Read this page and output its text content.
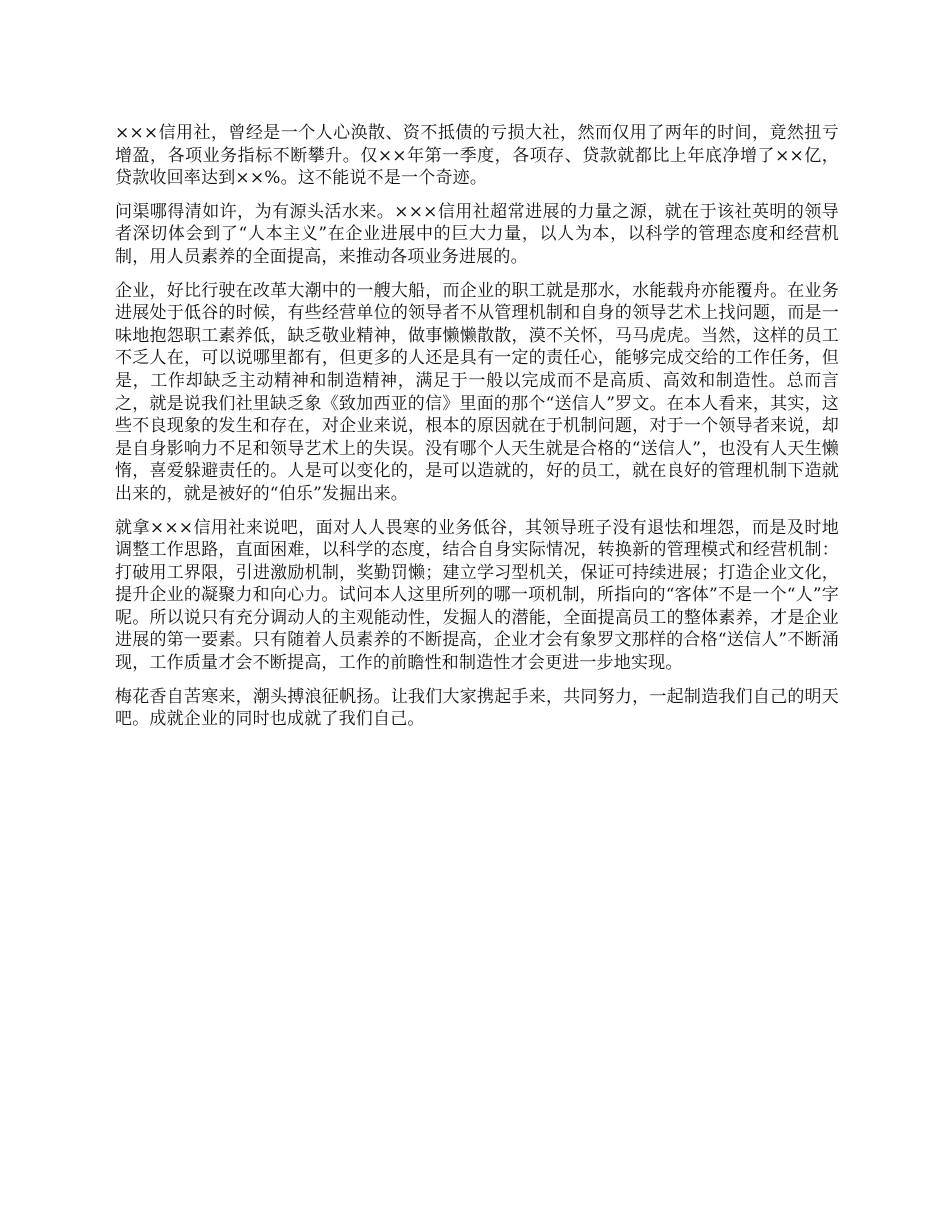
×××信用社，曾经是一个人心涣散、资不抵债的亏损大社，然而仅用了两年的时间，竟然扭亏增盈，各项业务指标不断攀升。仅××年第一季度，各项存、贷款就都比上年底净增了××亿，贷款收回率达到××%。这不能说不是一个奇迹。

问渠哪得清如许，为有源头活水来。×××信用社超常进展的力量之源，就在于该社英明的领导者深切体会到了“人本主义”在企业进展中的巨大力量，以人为本，以科学的管理态度和经营机制，用人员素养的全面提高，来推动各项业务进展的。

企业，好比行驶在改革大潮中的一艘大船，而企业的职工就是那水，水能载舟亦能覆舟。在业务进展处于低谷的时候，有些经营单位的领导者不从管理机制和自身的领导艺术上找问题，而是一味地抱怨职工素养低，缺乏敬业精神，做事懒懒散散，漠不关怀，马马虎虎。当然，这样的员工不乏人在，可以说哪里都有，但更多的人还是具有一定的责任心，能够完成交给的工作任务，但是，工作却缺乏主动精神和制造精神，满足于一般以完成而不是高质、高效和制造性。总而言之，就是说我们社里缺乏象《致加西亚的信》里面的那个“送信人”罗文。在本人看来，其实，这些不良现象的发生和存在，对企业来说，根本的原因就在于机制问题，对于一个领导者来说，却是自身影响力不足和领导艺术上的失误。没有哪个人天生就是合格的“送信人”，也没有人天生懒惰，喜爱躲避责任的。人是可以变化的，是可以造就的，好的员工，就在良好的管理机制下造就出来的，就是被好的“伯乐”发掘出来。

就拿×××信用社来说吧，面对人人畏寒的业务低谷，其领导班子没有退怯和埋怨，而是及时地调整工作思路，直面困难，以科学的态度，结合自身实际情况，转换新的管理模式和经营机制：打破用工界限，引进激励机制，奖勤罚懒；建立学习型机关，保证可持续进展；打造企业文化，提升企业的凝聚力和向心力。试问本人这里所列的哪一项机制，所指向的“客体”不是一个“人”字呢。所以说只有充分调动人的主观能动性，发掘人的潜能，全面提高员工的整体素养，才是企业进展的第一要素。只有随着人员素养的不断提高，企业才会有象罗文那样的合格“送信人”不断涌现，工作质量才会不断提高，工作的前瞻性和制造性才会更进一步地实现。

梅花香自苦寒来，潮头搏浪征帆扬。让我们大家携起手来，共同努力，一起制造我们自己的明天吧。成就企业的同时也成就了我们自己。
